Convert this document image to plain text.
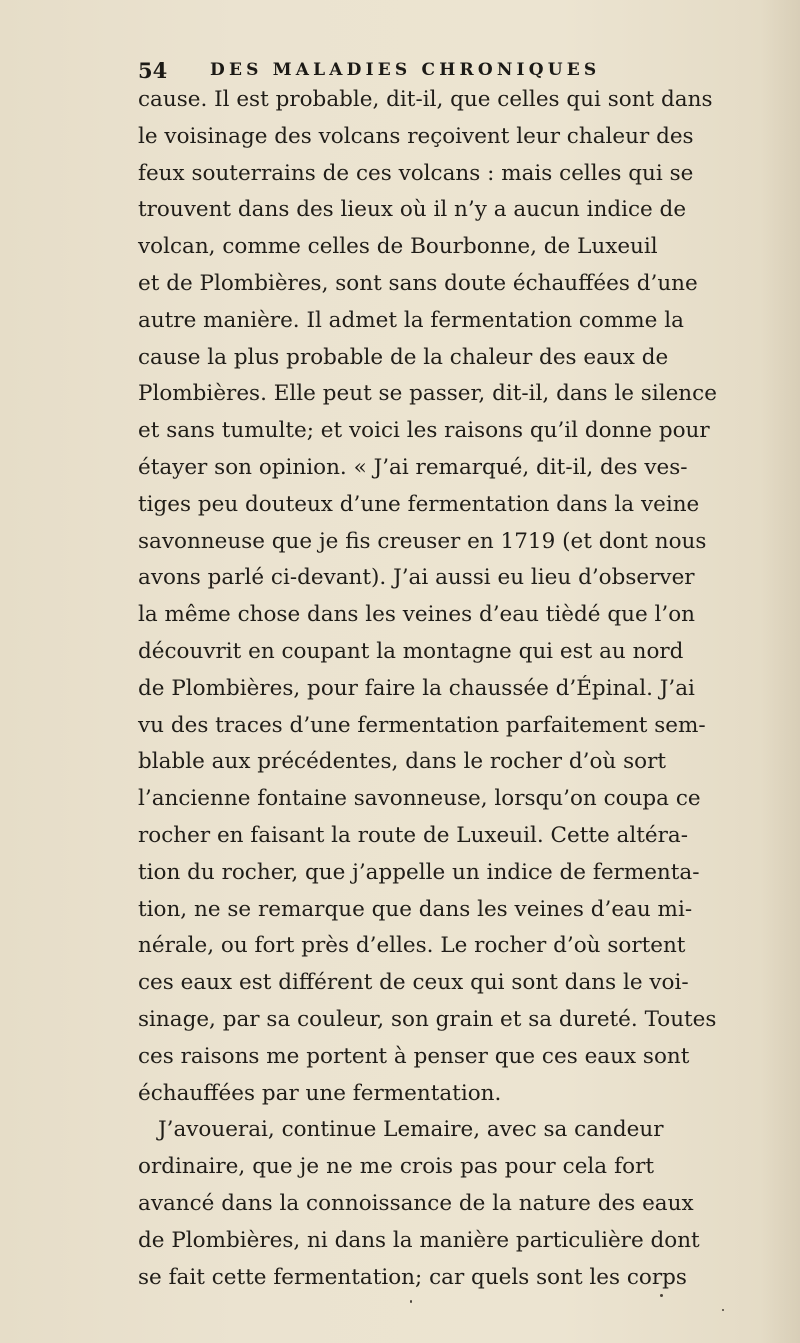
54	DES MALADIES CHRONIQUES
cause. Il est probable, dit-il, que celles qui sont dans
le voisinage des volcans reçoivent leur chaleur des
feux souterrains de ces volcans : mais celles qui se
trouvent dans des lieux où il n’y a aucun indice de
volcan, comme celles de Bourbonne, de Luxeuil
et de Plombières, sont sans doute échauffées d’une
autre manière. Il admet la fermentation comme la
cause la plus probable de la chaleur des eaux de
Plombières. Elle peut se passer, dit-il, dans le silence
et sans tumulte; et voici les raisons qu’il donne pour
étayer son opinion. « J’ai remarqué, dit-il, des ves-
tiges peu douteux d’une fermentation dans la veine
savonneuse que je fis creuser en 1719 (et dont nous
avons parlé ci-devant). J’ai aussi eu lieu d’observer
la même chose dans les veines d’eau tièdé que l’on
découvrit en coupant la montagne qui est au nord
de Plombières, pour faire la chaussée d’Épinal. J’ai
vu des traces d’une fermentation parfaitement sem-
blable aux précédentes, dans le rocher d’où sort
l’ancienne fontaine savonneuse, lorsqu’on coupa ce
rocher en faisant la route de Luxeuil. Cette altéra-
tion du rocher, que j’appelle un indice de fermenta-
tion, ne se remarque que dans les veines d’eau mi-
nérale, ou fort près d’elles. Le rocher d’où sortent
ces eaux est différent de ceux qui sont dans le voi-
sinage, par sa couleur, son grain et sa dureté. Toutes
ces raisons me portent à penser que ces eaux sont
échauffées par une fermentation.
J’avouerai, continue Lemaire, avec sa candeur
ordinaire, que je ne me crois pas pour cela fort
avancé dans la connoissance de la nature des eaux
de Plombières, ni dans la manière particulière dont
se fait cette fermentation; car quels sont les corps
